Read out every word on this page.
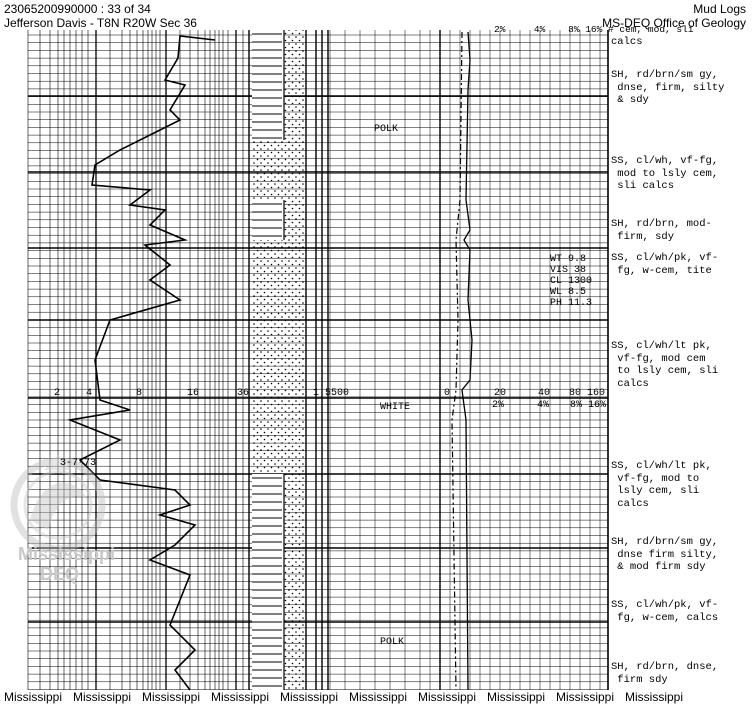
23065200990000 : 33 of 34
Jefferson Davis - T8N R20W Sec 36
Mud Logs
MS-DEQ Office of Geology
2	4	8	16	36	1 5500	0	20	40 80 160
2%	4% 8% 16%
2%     4%    8% 16% # cem, mod, sli
POLK
WHITE
POLK
3-7-73
WT 9.8
VIS 38
CL 1300
WL 8.5
PH 11.3
calcs
SH, rd/brn/sm gy,
dnse, firm, silty
& sdy
SS, cl/wh, vf-fg,
mod to lsly cem,
sli calcs
SH, rd/brn, mod-
firm, sdy
SS, cl/wh/pk, vf-
fg, w-cem, tite
SS, cl/wh/lt pk,
vf-fg, mod cem
to lsly cem, sli
calcs
SS, cl/wh/lt pk,
vf-fg, mod to
lsly cem, sli
calcs
SH, rd/brn/sm gy,
dnse firm silty,
& mod firm sdy
SS, cl/wh/pk, vf-
fg, w-cem, calcs
SH, rd/brn, dnse,
firm sdy
Mississippi
DEQ
Mississippi Mississippi Mississippi Mississippi Mississippi Mississippi Mississippi Mississippi Mississippi Mississippi
